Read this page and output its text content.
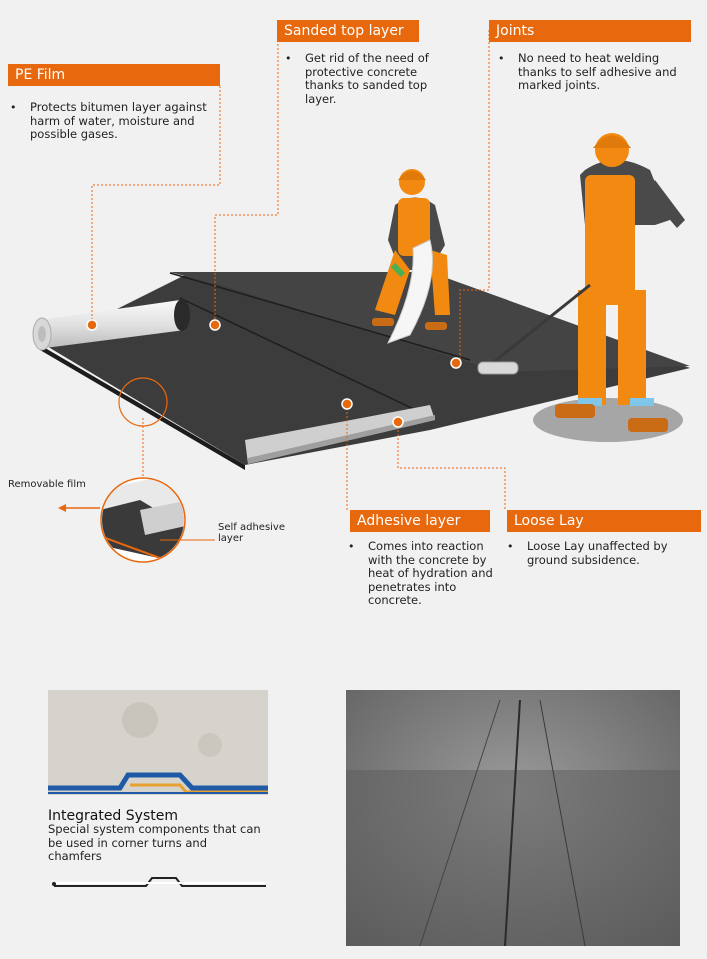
PE Film
• Protects bitumen layer against harm of water, moisture and possible gases.
Sanded top layer
• Get rid of the need of protective concrete thanks to sanded top layer.
Joints
• No need to heat welding thanks to self adhesive and marked joints.
Adhesive layer
• Comes into reaction with the concrete by heat of hydration and penetrates into concrete.
Loose Lay
• Loose Lay unaffected by ground subsidence.
Removable film
Self adhesive layer
Integrated System
Special system components that can be used in corner turns and chamfers
